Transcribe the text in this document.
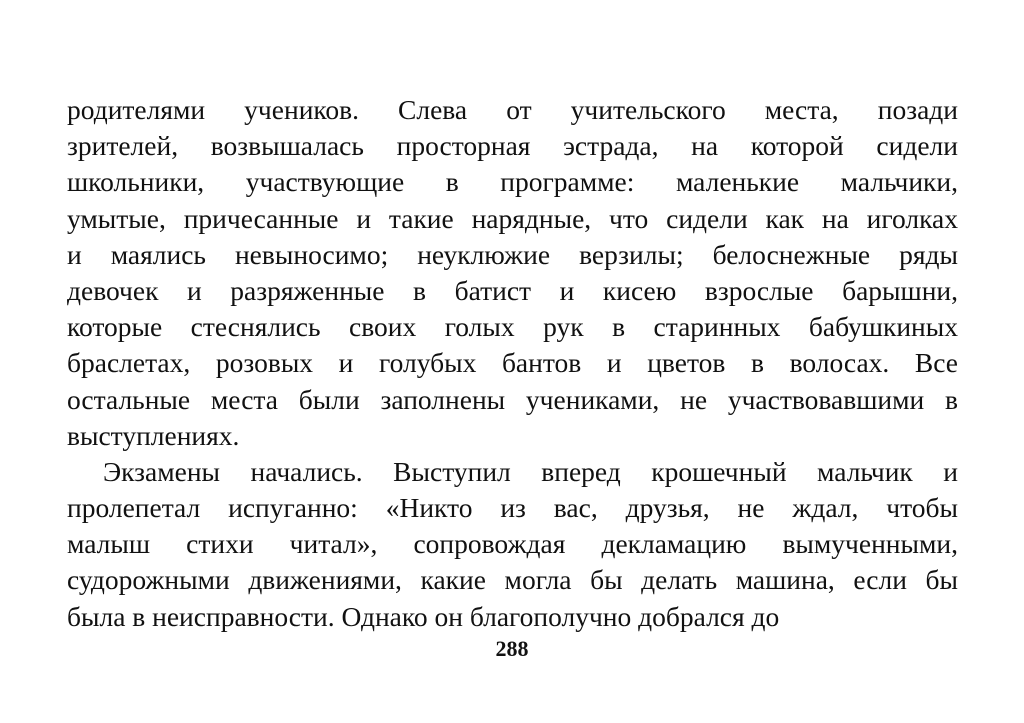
родителями учеников. Слева от учительского места, позади
зрителей, возвышалась просторная эстрада, на которой сидели
школьники, участвующие в программе: маленькие мальчики,
умытые, причесанные и такие нарядные, что сидели как на иголках
и маялись невыносимо; неуклюжие верзилы; белоснежные ряды
девочек и разряженные в батист и кисею взрослые барышни,
которые стеснялись своих голых рук в старинных бабушкиных
браслетах, розовых и голубых бантов и цветов в волосах. Все
остальные места были заполнены учениками, не участвовавшими в
выступлениях.
Экзамены начались. Выступил вперед крошечный мальчик и
пролепетал испуганно: «Никто из вас, друзья, не ждал, чтобы
малыш стихи читал», сопровождая декламацию вымученными,
судорожными движениями, какие могла бы делать машина, если бы
была в неисправности. Однако он благополучно добрался до
288
